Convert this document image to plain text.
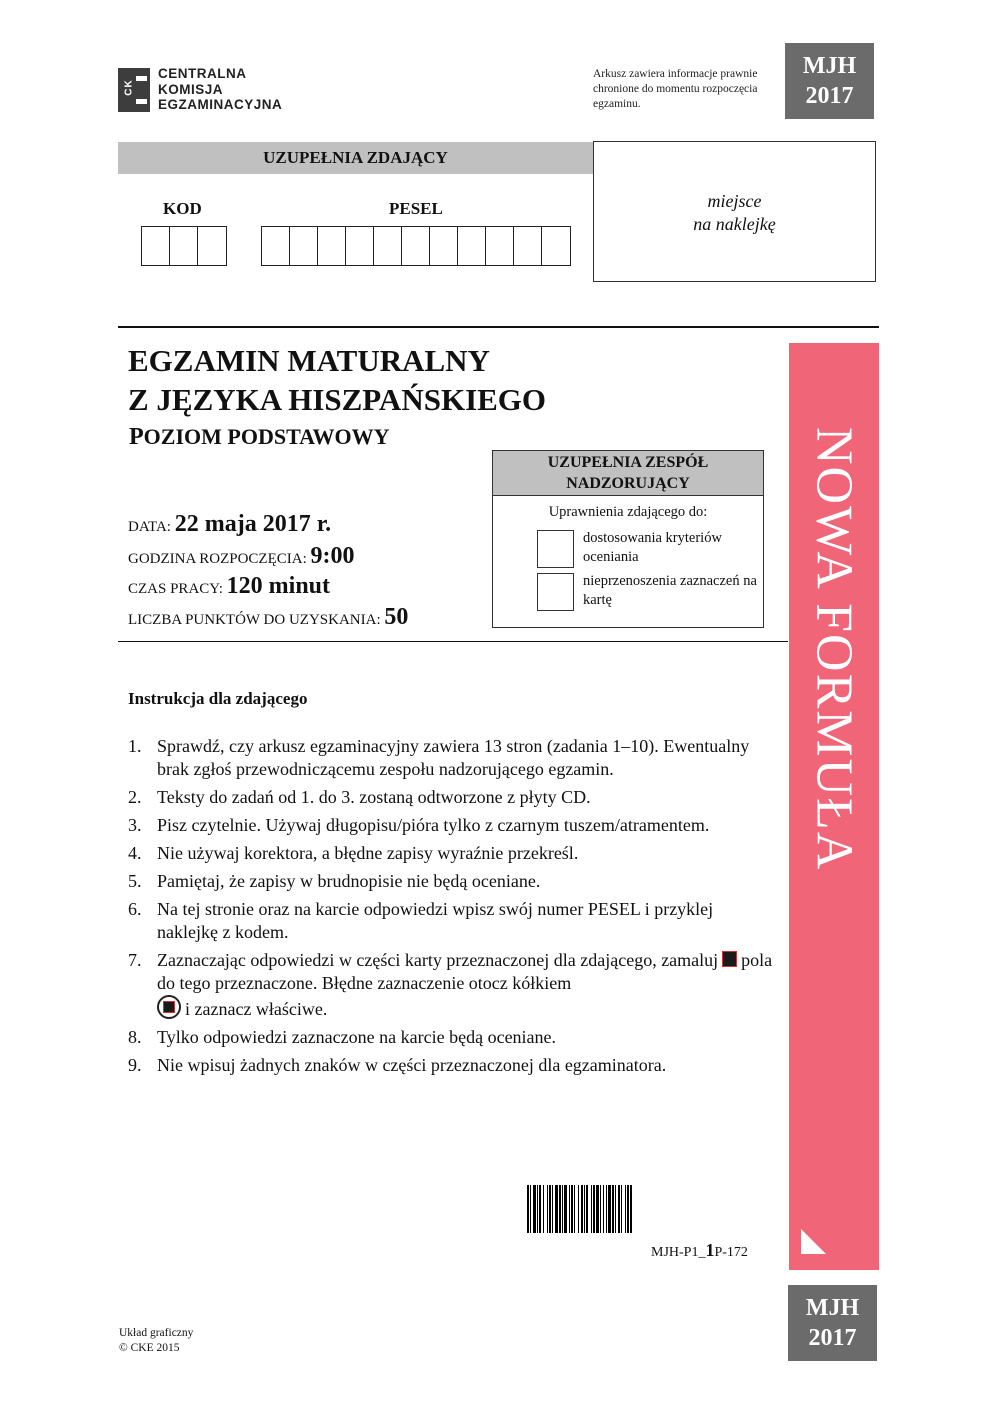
CK
CENTRALNA
KOMISJA
EGZAMINACYJNA
Arkusz zawiera informacje prawnie chronione do momentu rozpoczęcia egzaminu.
MJH
2017
UZUPEŁNIA ZDAJĄCY
KOD	PESEL	miejsce
na naklejkę
EGZAMIN MATURALNY
Z JĘZYKA HISZPAŃSKIEGO
POZIOM PODSTAWOWY
DATA: 22 maja 2017 r.
GODZINA ROZPOCZĘCIA: 9:00
CZAS PRACY: 120 minut
LICZBA PUNKTÓW DO UZYSKANIA: 50
UZUPEŁNIA ZESPÓŁ
NADZORUJĄCY
Uprawnienia zdającego do:
dostosowania kryteriów oceniania
nieprzenoszenia zaznaczeń na kartę	NOWA FORMUŁA
Instrukcja dla zdającego
1. Sprawdź, czy arkusz egzaminacyjny zawiera 13 stron (zadania 1–10). Ewentualny brak zgłoś przewodniczącemu zespołu nadzorującego egzamin.
2. Teksty do zadań od 1. do 3. zostaną odtworzone z płyty CD.
3. Pisz czytelnie. Używaj długopisu/pióra tylko z czarnym tuszem/atramentem.
4. Nie używaj korektora, a błędne zapisy wyraźnie przekreśl.
5. Pamiętaj, że zapisy w brudnopisie nie będą oceniane.
6. Na tej stronie oraz na karcie odpowiedzi wpisz swój numer PESEL i przyklej naklejkę z kodem.
7. Zaznaczając odpowiedzi w części karty przeznaczonej dla zdającego, zamaluj pola do tego przeznaczone. Błędne zaznaczenie otocz kółkiem
i zaznacz właściwe.
8. Tylko odpowiedzi zaznaczone na karcie będą oceniane.
9. Nie wpisuj żadnych znaków w części przeznaczonej dla egzaminatora.
MJH-P1_1P-172
MJH
2017
Układ graficzny
© CKE 2015
